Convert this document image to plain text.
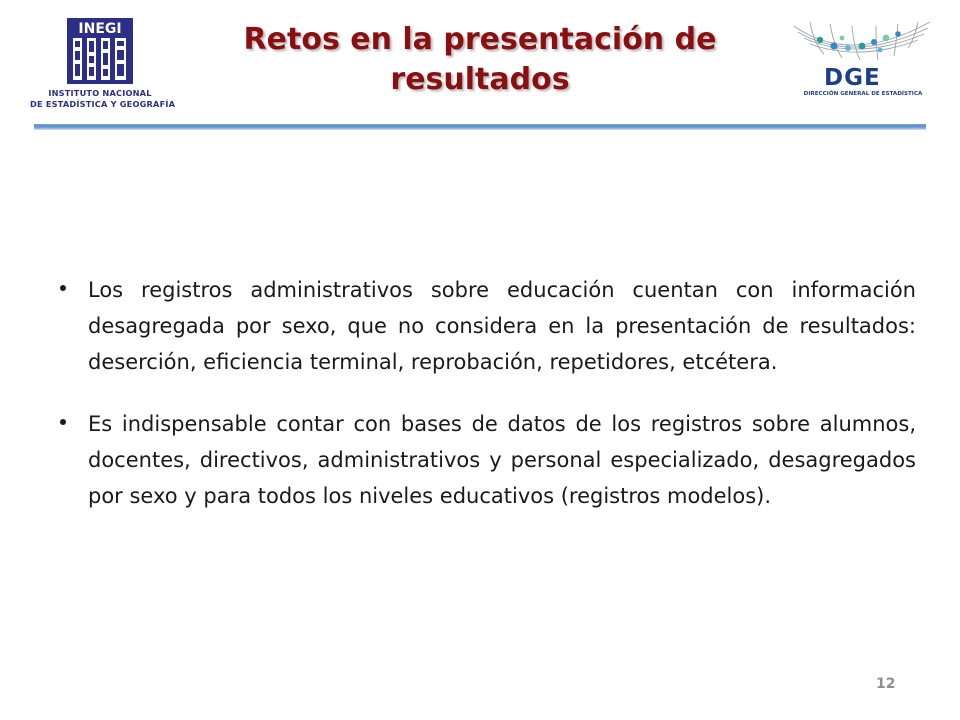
INEGI
INSTITUTO NACIONAL
DE ESTADÍSTICA Y GEOGRAFÍA
Retos en la presentación de resultados	DGE
DIRECCIÓN GENERAL DE ESTADÍSTICA
Los registros administrativos sobre educación cuentan con información desagregada por sexo, que no considera en la presentación de resultados: deserción, eficiencia terminal, reprobación, repetidores, etcétera.
Es indispensable contar con bases de datos de los registros sobre alumnos, docentes, directivos, administrativos y personal especializado, desagregados por sexo y para todos los niveles educativos (registros modelos).
12
